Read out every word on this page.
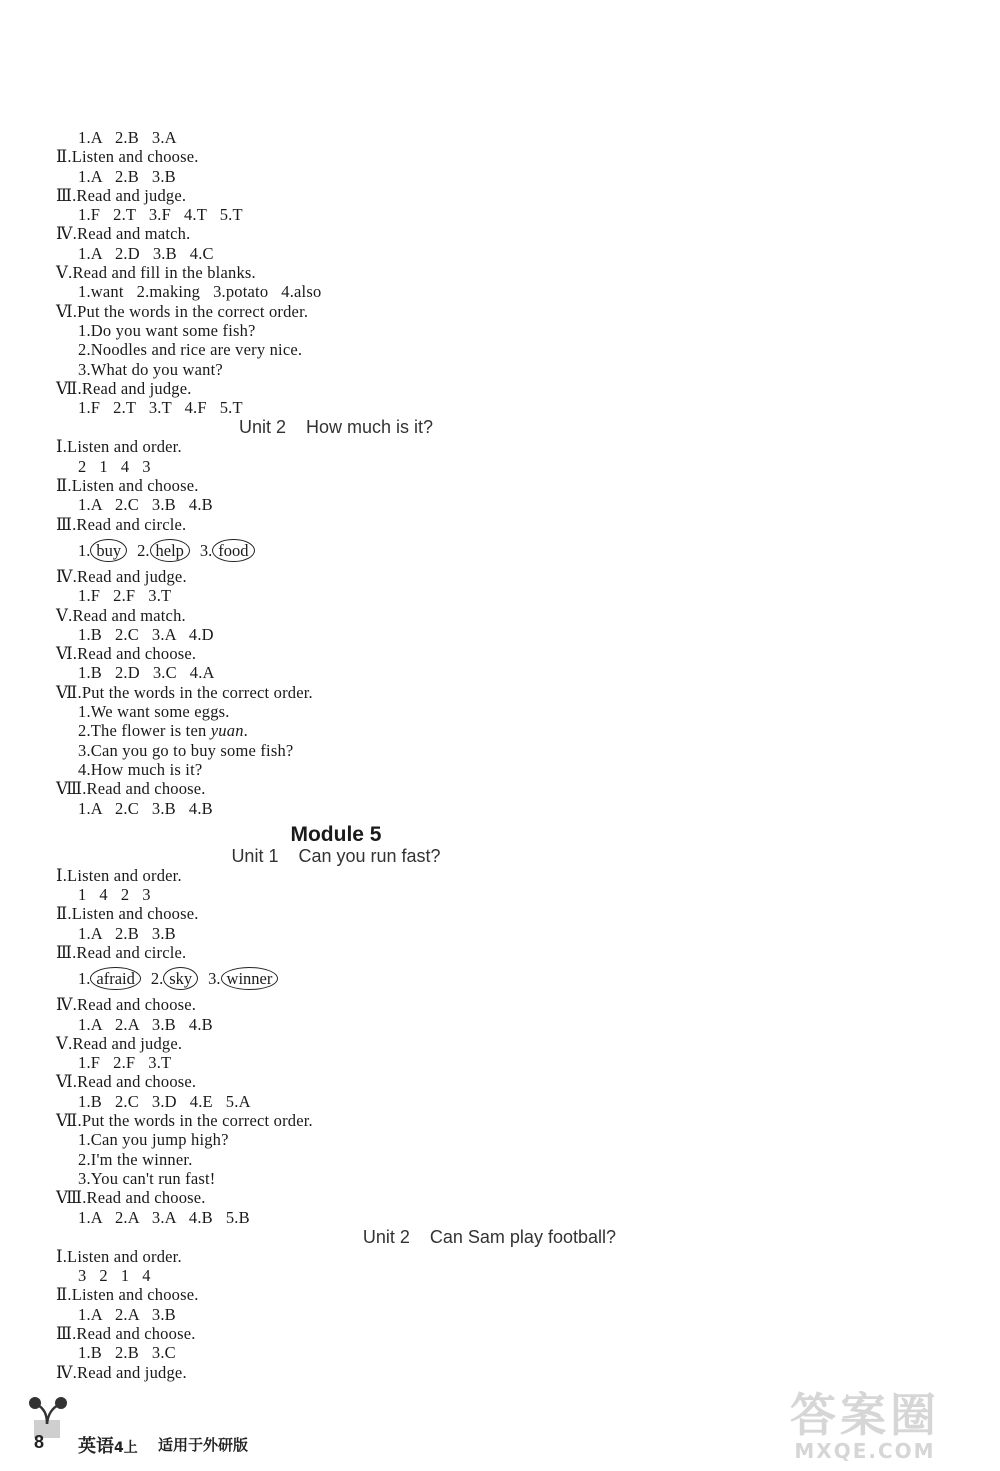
1.A   2.B   3.A
Ⅱ.Listen and choose.
1.A   2.B   3.B
Ⅲ.Read and judge.
1.F   2.T   3.F   4.T   5.T
Ⅳ.Read and match.
1.A   2.D   3.B   4.C
Ⅴ.Read and fill in the blanks.
1.want   2.making   3.potato   4.also
Ⅵ.Put the words in the correct order.
1.Do you want some fish?
2.Noodles and rice are very nice.
3.What do you want?
Ⅶ.Read and judge.
1.F   2.T   3.T   4.F   5.T
Unit 2    How much is it?
Ⅰ.Listen and order.
2   1   4   3
Ⅱ.Listen and choose.
1.A   2.C   3.B   4.B
Ⅲ.Read and circle.
1. buy 2. help 3. food
Ⅳ.Read and judge.
1.F   2.F   3.T
Ⅴ.Read and match.
1.B   2.C   3.A   4.D
Ⅵ.Read and choose.
1.B   2.D   3.C   4.A
Ⅶ.Put the words in the correct order.
1.We want some eggs.
2.The flower is ten yuan.
3.Can you go to buy some fish?
4.How much is it?
Ⅷ.Read and choose.
1.A   2.C   3.B   4.B
Module 5
Unit 1    Can you run fast?
Ⅰ.Listen and order.
1   4   2   3
Ⅱ.Listen and choose.
1.A   2.B   3.B
Ⅲ.Read and circle.
1. afraid 2. sky 3. winner
Ⅳ.Read and choose.
1.A   2.A   3.B   4.B
Ⅴ.Read and judge.
1.F   2.F   3.T
Ⅵ.Read and choose.
1.B   2.C   3.D   4.E   5.A
Ⅶ.Put the words in the correct order.
1.Can you jump high?
2.I'm the winner.
3.You can't run fast!
Ⅷ.Read and choose.
1.A   2.A   3.A   4.B   5.B
Unit 2    Can Sam play football?
Ⅰ.Listen and order.
3   2   1   4
Ⅱ.Listen and choose.
1.A   2.A   3.B
Ⅲ.Read and choose.
1.B   2.B   3.C
Ⅳ.Read and judge.
8 英语4上 适用于外研版
答案圈
MXQE.COM
